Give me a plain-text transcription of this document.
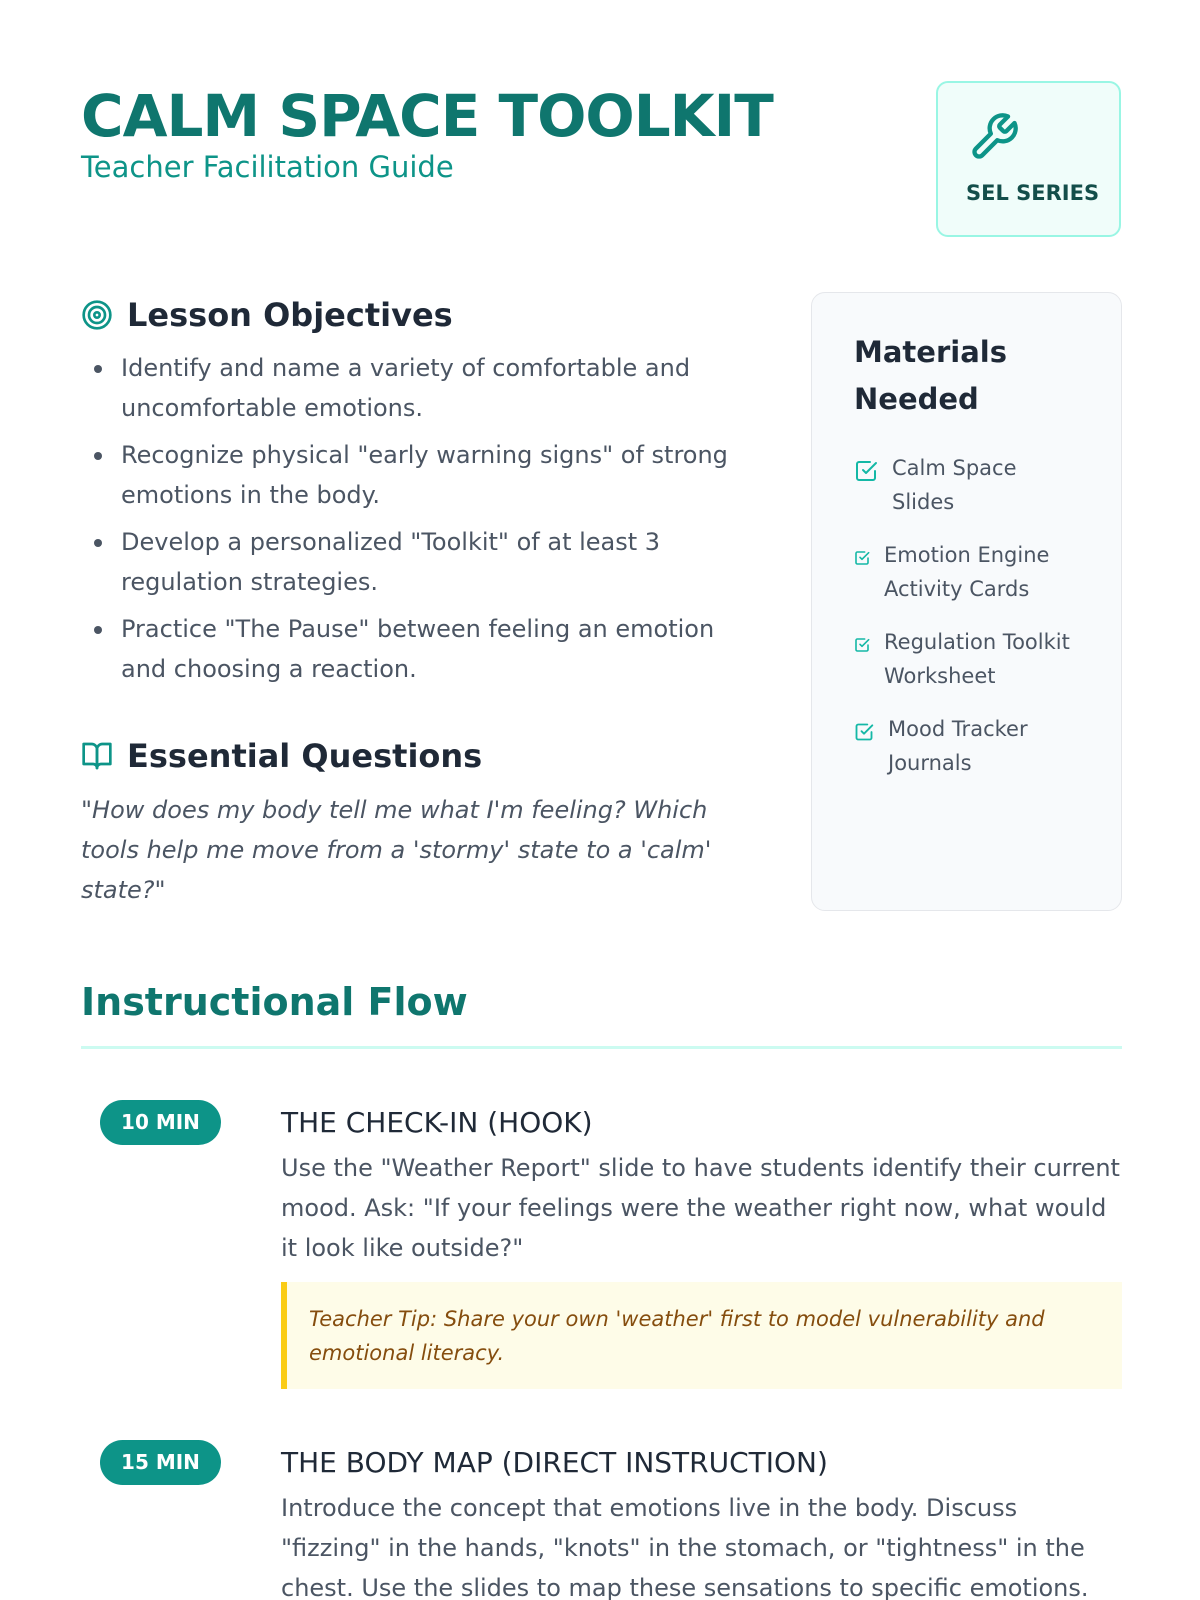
CALM SPACE TOOLKIT
Teacher Facilitation Guide
SEL SERIES
Lesson Objectives
Identify and name a variety of comfortable and uncomfortable emotions.
Recognize physical "early warning signs" of strong emotions in the body.
Develop a personalized "Toolkit" of at least 3 regulation strategies.
Practice "The Pause" between feeling an emotion and choosing a reaction.
Essential Questions

"How does my body tell me what I'm feeling? Which tools help me move from a 'stormy' state to a 'calm' state?"

Materials Needed
Calm Space Slides
Emotion Engine Activity Cards
Regulation Toolkit Worksheet
Mood Tracker Journals
Instructional Flow
10 MIN	THE CHECK-IN (HOOK)

Use the "Weather Report" slide to have students identify their current mood. Ask: "If your feelings were the weather right now, what would it look like outside?"

Teacher Tip: Share your own 'weather' first to model vulnerability and emotional literacy.

15 MIN	THE BODY MAP (DIRECT INSTRUCTION)

Introduce the concept that emotions live in the body. Discuss "fizzing" in the hands, "knots" in the stomach, or "tightness" in the chest. Use the slides to map these sensations to specific emotions.
